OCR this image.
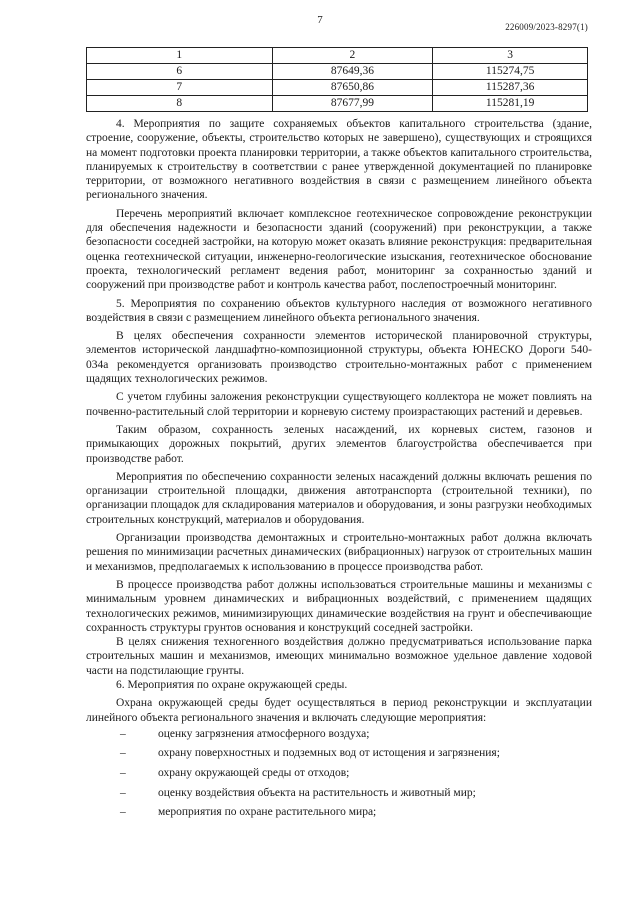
7
226009/2023-8297(1)
1	2	3
6	87649,36	115274,75
7	87650,86	115287,36
8	87677,99	115281,19

4. Мероприятия по защите сохраняемых объектов капитального строительства (здание, строение, сооружение, объекты, строительство которых не завершено), существующих и строящихся на момент подготовки проекта планировки территории, а также объектов капитального строительства, планируемых к строительству в соответствии с ранее утвержденной документацией по планировке территории, от возможного негативного воздействия в связи с размещением линейного объекта регионального значения.

Перечень мероприятий включает комплексное геотехническое сопровождение реконструкции для обеспечения надежности и безопасности зданий (сооружений) при реконструкции, а также безопасности соседней застройки, на которую может оказать влияние реконструкция: предварительная оценка геотехнической ситуации, инженерно-геологические изыскания, геотехническое обоснование проекта, технологический регламент ведения работ, мониторинг за сохранностью зданий и сооружений при производстве работ и контроль качества работ, послепостроечный мониторинг.

5. Мероприятия по сохранению объектов культурного наследия от возможного негативного воздействия в связи с размещением линейного объекта регионального значения.

В целях обеспечения сохранности элементов исторической планировочной структуры, элементов исторической ландшафтно-композиционной структуры, объекта ЮНЕСКО Дороги 540-034а рекомендуется организовать производство строительно-монтажных работ с применением щадящих технологических режимов.

С учетом глубины заложения реконструкции существующего коллектора не может повлиять на почвенно-растительный слой территории и корневую систему произрастающих растений и деревьев.

Таким образом, сохранность зеленых насаждений, их корневых систем, газонов и примыкающих дорожных покрытий, других элементов благоустройства обеспечивается при производстве работ.

Мероприятия по обеспечению сохранности зеленых насаждений должны включать решения по организации строительной площадки, движения автотранспорта (строительной техники), по организации площадок для складирования материалов и оборудования, и зоны разгрузки необходимых строительных конструкций, материалов и оборудования.

Организации производства демонтажных и строительно-монтажных работ должна включать решения по минимизации расчетных динамических (вибрационных) нагрузок от строительных машин и механизмов, предполагаемых к использованию в процессе производства работ.

В процессе производства работ должны использоваться строительные машины и механизмы с минимальным уровнем динамических и вибрационных воздействий, с применением щадящих технологических режимов, минимизирующих динамические воздействия на грунт и обеспечивающие сохранность структуры грунтов основания и конструкций соседней застройки.

В целях снижения техногенного воздействия должно предусматриваться использование парка строительных машин и механизмов, имеющих минимально возможное удельное давление ходовой части на подстилающие грунты.

6. Мероприятия по охране окружающей среды.

Охрана окружающей среды будет осуществляться в период реконструкции и эксплуатации линейного объекта регионального значения и включать следующие мероприятия:

–	оценку загрязнения атмосферного воздуха;
–	охрану поверхностных и подземных вод от истощения и загрязнения;
–	охрану окружающей среды от отходов;
–	оценку воздействия объекта на растительность и животный мир;
–	мероприятия по охране растительного мира;
